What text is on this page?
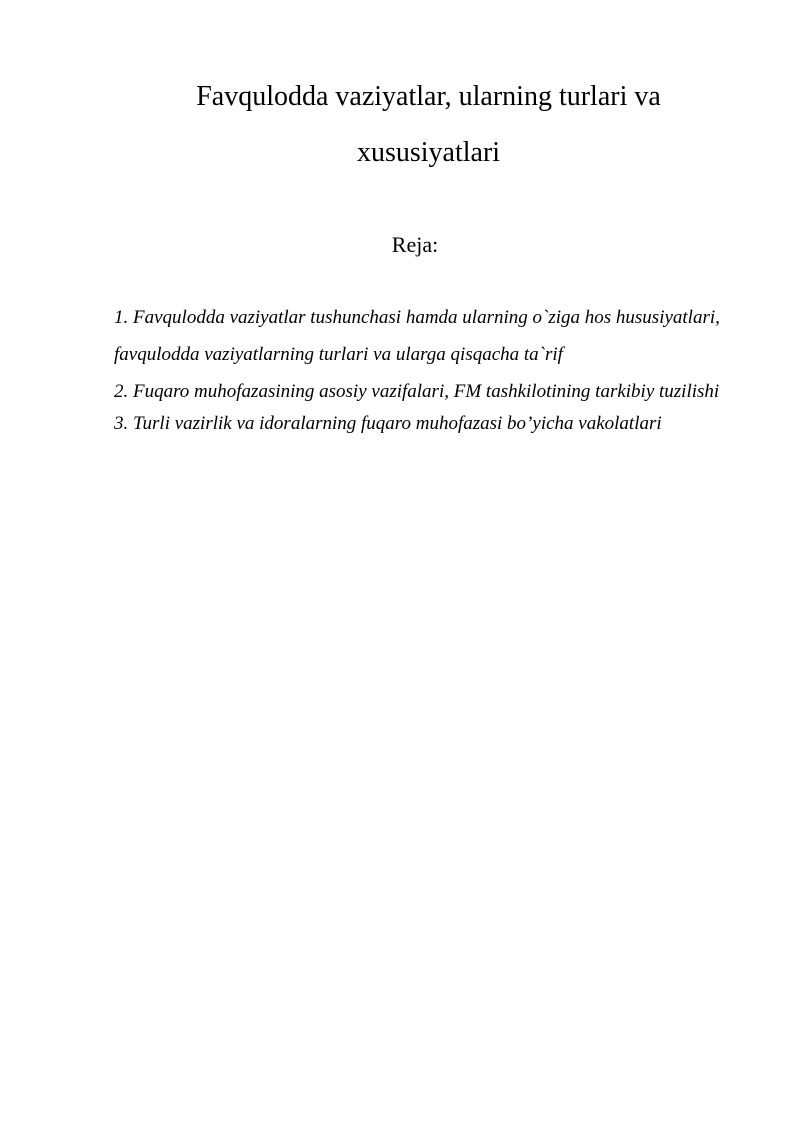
Favqulodda vaziyatlar, ularning turlari va xususiyatlari
Reja:
1. Favqulodda vaziyatlar tushunchasi hamda ularning o`ziga hos hususiyatlari, favqulodda vaziyatlarning turlari va ularga qisqacha ta`rif
2. Fuqaro muhofazasining asosiy vazifalari, FM tashkilotining tarkibiy tuzilishi
3. Turli vazirlik va idoralarning fuqaro muhofazasi bo’yicha vakolatlari
